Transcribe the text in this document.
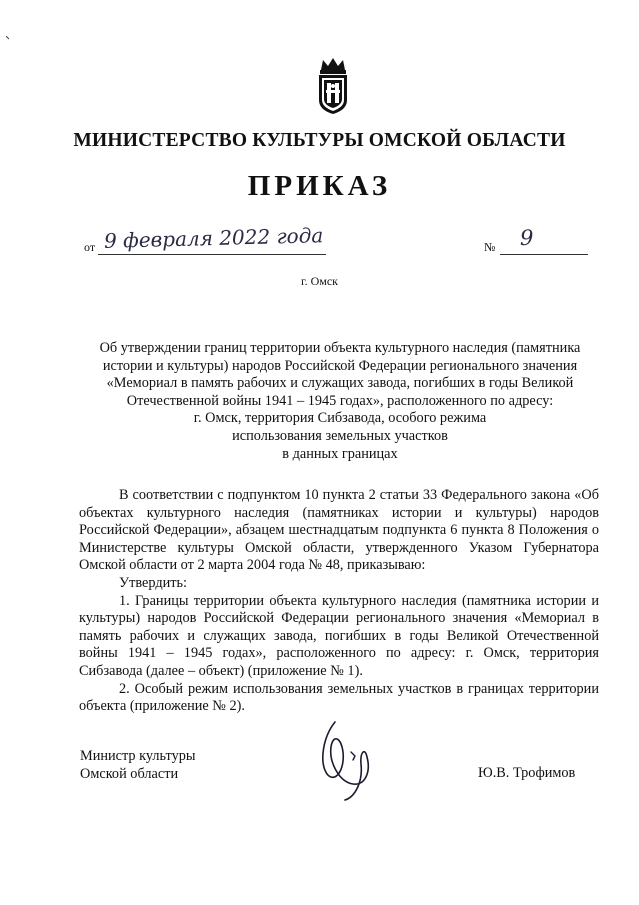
МИНИСТЕРСТВО КУЛЬТУРЫ ОМСКОЙ ОБЛАСТИ
ПРИКАЗ
от 9 февраля 2022 года	№ 9
г. Омск
Об утверждении границ территории объекта культурного наследия (памятника
истории и культуры) народов Российской Федерации регионального значения
«Мемориал в память рабочих и служащих завода, погибших в годы Великой
Отечественной войны 1941 – 1945 годах», расположенного по адресу:
г. Омск, территория Сибзавода, особого режима
использования земельных участков
в данных границах

В соответствии с подпунктом 10 пункта 2 статьи 33 Федерального закона «Об объектах культурного наследия (памятниках истории и культуры) народов Российской Федерации», абзацем шестнадцатым подпункта 6 пункта 8 Положения о Министерстве культуры Омской области, утвержденного Указом Губернатора Омской области от 2 марта 2004 года № 48, приказываю:

Утвердить:

1. Границы территории объекта культурного наследия (памятника истории и культуры) народов Российской Федерации регионального значения «Мемориал в память рабочих и служащих завода, погибших в годы Великой Отечественной войны 1941 – 1945 годах», расположенного по адресу: г. Омск, территория Сибзавода (далее – объект) (приложение № 1).

2. Особый режим использования земельных участков в границах территории объекта (приложение № 2).

Министр культуры
Омской области	Ю.В. Трофимов
